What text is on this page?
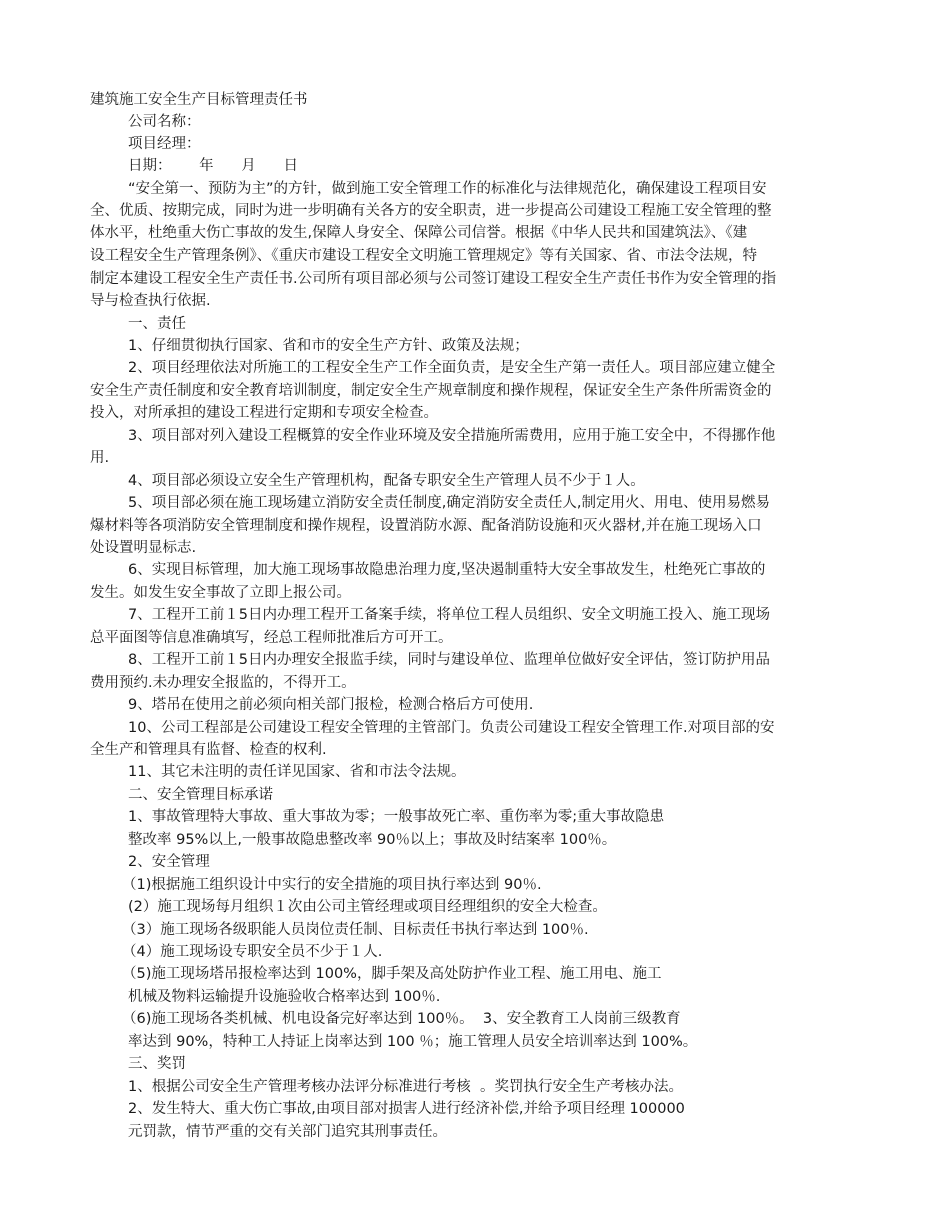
建筑施工安全生产目标管理责任书
公司名称：
项目经理：
日期：      年      月      日
“安全第一、预防为主”的方针，做到施工安全管理工作的标准化与法律规范化，确保建设工程项目安
全、优质、按期完成，同时为进一步明确有关各方的安全职责，进一步提高公司建设工程施工安全管理的整
体水平，杜绝重大伤亡事故的发生,保障人身安全、保障公司信誉。根据《中华人民共和国建筑法》、《建
设工程安全生产管理条例》、《重庆市建设工程安全文明施工管理规定》等有关国家、省、市法令法规，特
制定本建设工程安全生产责任书.公司所有项目部必须与公司签订建设工程安全生产责任书作为安全管理的指
导与检查执行依据.
一、责任
1、仔细贯彻执行国家、省和市的安全生产方针、政策及法规；
2、项目经理依法对所施工的工程安全生产工作全面负责，是安全生产第一责任人。项目部应建立健全
安全生产责任制度和安全教育培训制度，制定安全生产规章制度和操作规程，保证安全生产条件所需资金的
投入，对所承担的建设工程进行定期和专项安全检查。
3、项目部对列入建设工程概算的安全作业环境及安全措施所需费用，应用于施工安全中，不得挪作他
用.
4、项目部必须设立安全生产管理机构，配备专职安全生产管理人员不少于１人。
5、项目部必须在施工现场建立消防安全责任制度,确定消防安全责任人,制定用火、用电、使用易燃易
爆材料等各项消防安全管理制度和操作规程，设置消防水源、配备消防设施和灭火器材,并在施工现场入口
处设置明显标志.
6、实现目标管理，加大施工现场事故隐患治理力度,坚决遏制重特大安全事故发生，杜绝死亡事故的
发生。如发生安全事故了立即上报公司。
7、工程开工前１5日内办理工程开工备案手续，将单位工程人员组织、安全文明施工投入、施工现场
总平面图等信息准确填写，经总工程师批准后方可开工。
8、工程开工前１5日内办理安全报监手续，同时与建设单位、监理单位做好安全评估，签订防护用品
费用预约.未办理安全报监的，不得开工。
9、塔吊在使用之前必须向相关部门报检，检测合格后方可使用.
10、公司工程部是公司建设工程安全管理的主管部门。负责公司建设工程安全管理工作.对项目部的安
全生产和管理具有监督、检查的权利.
11、其它未注明的责任详见国家、省和市法令法规。
二、安全管理目标承诺
1、事故管理特大事故、重大事故为零；一般事故死亡率、重伤率为零;重大事故隐患
整改率 95%以上,一般事故隐患整改率 90％以上；事故及时结案率 100％。
2、安全管理
（1)根据施工组织设计中实行的安全措施的项目执行率达到 90％.
(2）施工现场每月组织１次由公司主管经理或项目经理组织的安全大检查。
（3）施工现场各级职能人员岗位责任制、目标责任书执行率达到 100％.
（4）施工现场设专职安全员不少于１人.
（5)施工现场塔吊报检率达到 100%，脚手架及高处防护作业工程、施工用电、施工
机械及物料运输提升设施验收合格率达到 100％.
（6)施工现场各类机械、机电设备完好率达到 100％。  3、安全教育工人岗前三级教育
率达到 90%，特种工人持证上岗率达到 100 ％；施工管理人员安全培训率达到 100%。
三、奖罚
1、根据公司安全生产管理考核办法评分标准进行考核  。奖罚执行安全生产考核办法。
2、发生特大、重大伤亡事故,由项目部对损害人进行经济补偿,并给予项目经理 100000
元罚款，情节严重的交有关部门追究其刑事责任。
